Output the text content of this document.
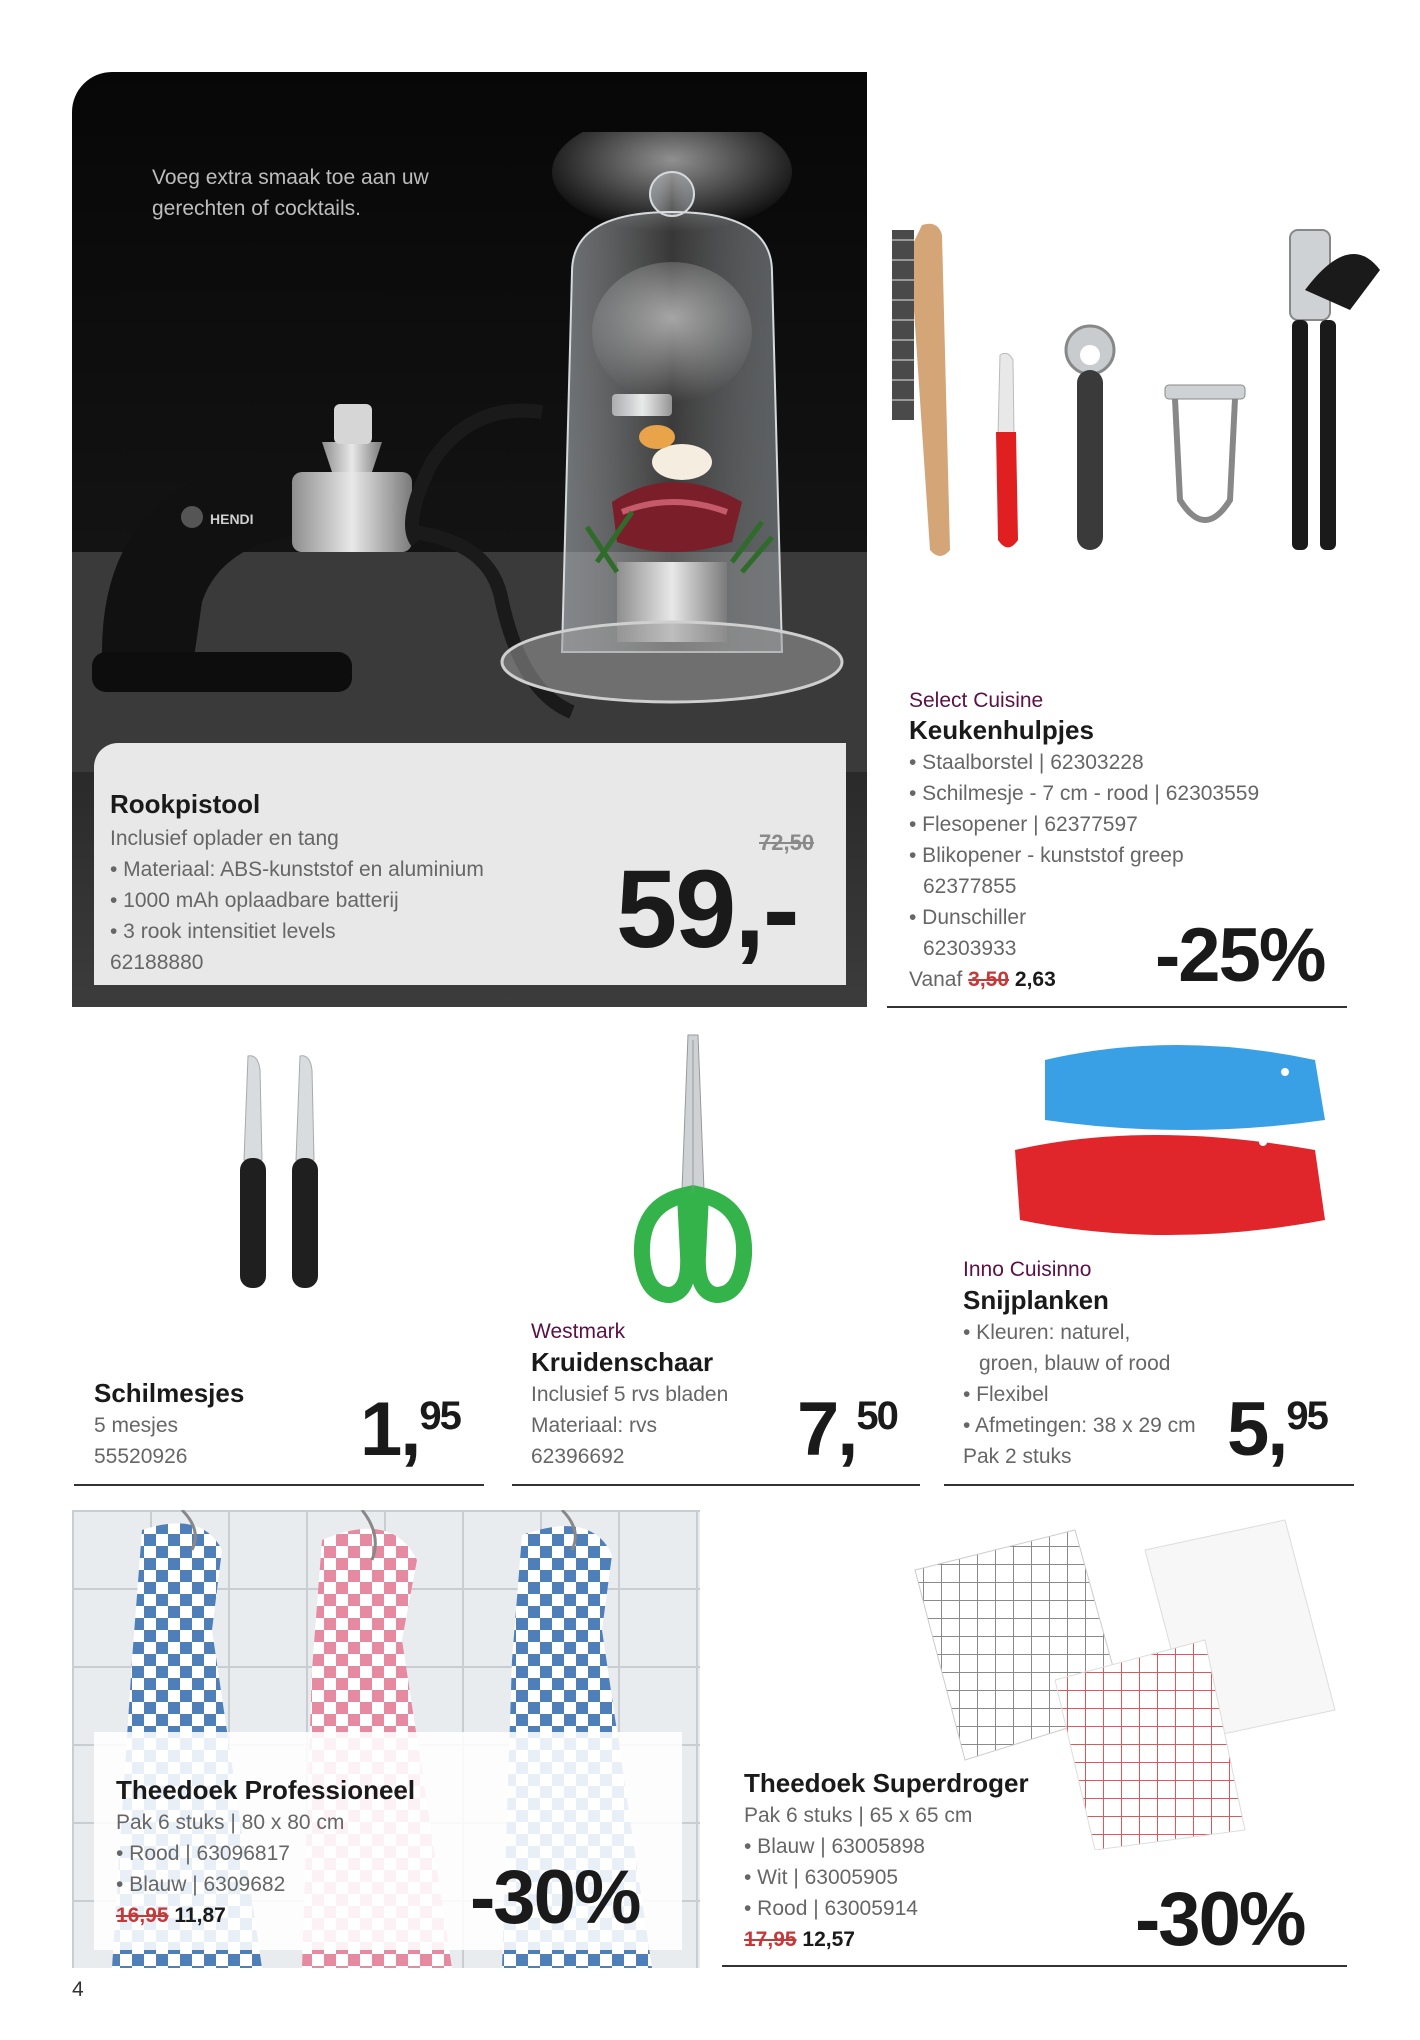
Voeg extra smaak toe aan uw
gerechten of cocktails.
HENDI
Rookpistool
Inclusief oplader en tang
• Materiaal: ABS-kunststof en aluminium
• 1000 mAh oplaadbare batterij
• 3 rook intensitiet levels
62188880
72,50
59,-
Select Cuisine
Keukenhulpjes
• Staalborstel | 62303228
• Schilmesje - 7 cm - rood | 62303559
• Flesopener | 62377597
• Blikopener - kunststof greep
62377855
• Dunschiller
62303933
Vanaf 3,50 2,63	-25%
Schilmesjes
5 mesjes
55520926 1,95
Westmark
Kruidenschaar
Inclusief 5 rvs bladen
Materiaal: rvs
62396692	7,50
Inno Cuisinno
Snijplanken
• Kleuren: naturel,
groen, blauw of rood
• Flexibel
• Afmetingen: 38 x 29 cm
Pak 2 stuks	5,95
Theedoek Professioneel
Pak 6 stuks | 80 x 80 cm
• Rood | 63096817
• Blauw | 6309682
16,95 11,87	-30%
Theedoek Superdroger
Pak 6 stuks | 65 x 65 cm
• Blauw | 63005898
• Wit | 63005905
• Rood | 63005914
17,95 12,57	-30%
4
